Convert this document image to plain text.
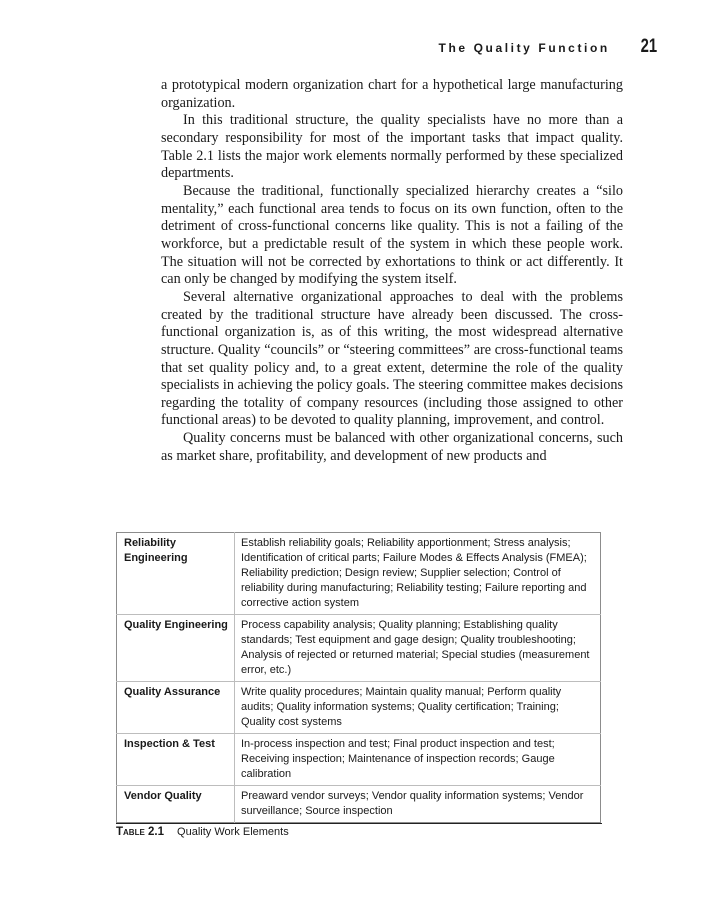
The Quality Function 21

a prototypical modern organization chart for a hypothetical large manufacturing organization.

In this traditional structure, the quality specialists have no more than a secondary responsibility for most of the important tasks that impact quality. Table 2.1 lists the major work elements normally performed by these specialized departments.

Because the traditional, functionally specialized hierarchy creates a “silo mentality,” each functional area tends to focus on its own function, often to the detriment of cross-functional concerns like quality. This is not a failing of the workforce, but a predictable result of the system in which these people work. The situation will not be corrected by exhortations to think or act differently. It can only be changed by modifying the system itself.

Several alternative organizational approaches to deal with the problems created by the traditional structure have already been discussed. The cross-functional organization is, as of this writing, the most widespread alternative structure. Quality “councils” or “steering committees” are cross-functional teams that set quality policy and, to a great extent, determine the role of the quality specialists in achieving the policy goals. The steering committee makes decisions regarding the totality of company resources (including those assigned to other functional areas) to be devoted to quality planning, improvement, and control.

Quality concerns must be balanced with other organizational concerns, such as market share, profitability, and development of new products and

Reliability Engineering	Establish reliability goals; Reliability apportionment; Stress analysis; Identification of critical parts; Failure Modes & Effects Analysis (FMEA); Reliability prediction; Design review; Supplier selection; Control of reliability during manufacturing; Reliability testing; Failure reporting and corrective action system
Quality Engineering	Process capability analysis; Quality planning; Establishing quality standards; Test equipment and gage design; Quality troubleshooting; Analysis of rejected or returned material; Special studies (measurement error, etc.)
Quality Assurance	Write quality procedures; Maintain quality manual; Perform quality audits; Quality information systems; Quality certification; Training; Quality cost systems
Inspection & Test	In-process inspection and test; Final product inspection and test; Receiving inspection; Maintenance of inspection records; Gauge calibration
Vendor Quality	Preaward vendor surveys; Vendor quality information systems; Vendor surveillance; Source inspection
Table 2.1 Quality Work Elements
